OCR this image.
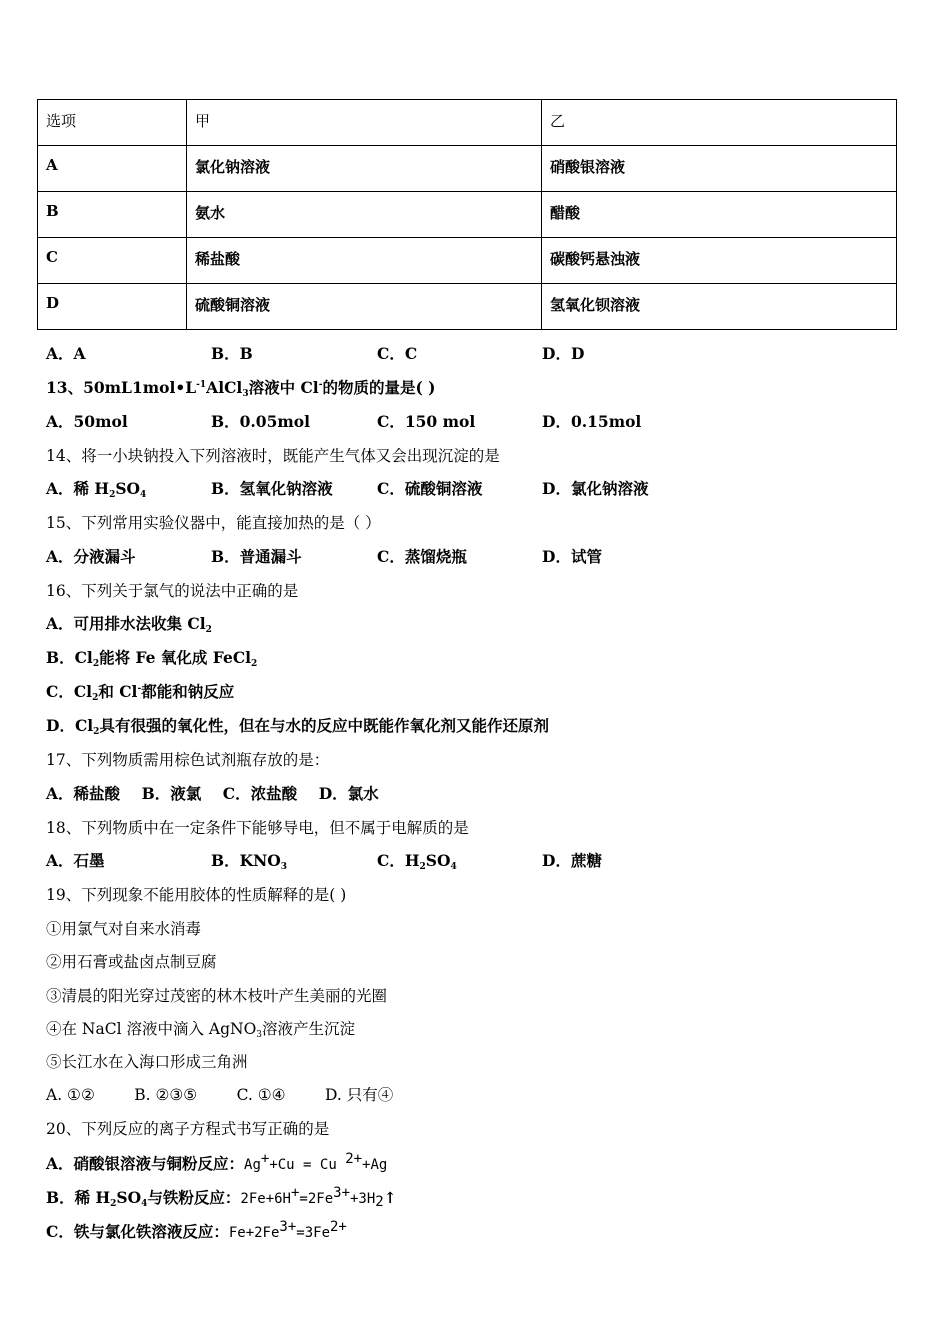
选项	甲	乙
A	氯化钠溶液	硝酸银溶液
B	氨水	醋酸
C	稀盐酸	碳酸钙悬浊液
D	硫酸铜溶液	氢氧化钡溶液
A．A	B．B	C．C	D．D
13、$50mL1mol•L^{-1}AlCl_3$溶液中 Cl-的物质的量是( )
A．50mol	B．0.05mol	C．150 mol	D．0.15mol
14、将一小块钠投入下列溶液时，既能产生气体又会出现沉淀的是
A．稀 $H_2SO_4$	B．氢氧化钠溶液	C．硫酸铜溶液	D．氯化钠溶液
15、下列常用实验仪器中，能直接加热的是（ ）
A．分液漏斗	B．普通漏斗	C．蒸馏烧瓶	D．试管
16、下列关于氯气的说法中正确的是
A．可用排水法收集 $Cl_2$
B．$Cl_2$能将 Fe 氧化成 FeCl$_2$
C．$Cl_2$和 Cl-都能和钠反应
D．$Cl_2$具有很强的氧化性，但在与水的反应中既能作氧化剂又能作还原剂
17、下列物质需用棕色试剂瓶存放的是：
A．稀盐酸    B．液氯    C．浓盐酸    D．氯水
18、下列物质中在一定条件下能够导电，但不属于电解质的是
A．石墨	B．$KNO_3$	C．$H_2SO_4$	D．蔗糖
19、下列现象不能用胶体的性质解释的是( )
①用氯气对自来水消毒
②用石膏或盐卤点制豆腐
③清晨的阳光穿过茂密的林木枝叶产生美丽的光圈
④在 NaCl 溶液中滴入 AgNO$_3$溶液产生沉淀
⑤长江水在入海口形成三角洲
A. ①②        B. ②③⑤        C. ①④        D. 只有④
20、下列反应的离子方程式书写正确的是
A．硝酸银溶液与铜粉反应：Ag++Cu = Cu $^{2+}$+Ag
B．稀 $H_2SO_4$与铁粉反应：$2Fe+6H^+=2Fe^{3+}+3H_2↑$
C．铁与氯化铁溶液反应：$Fe+2Fe^{3+}=3Fe^{2+}$
